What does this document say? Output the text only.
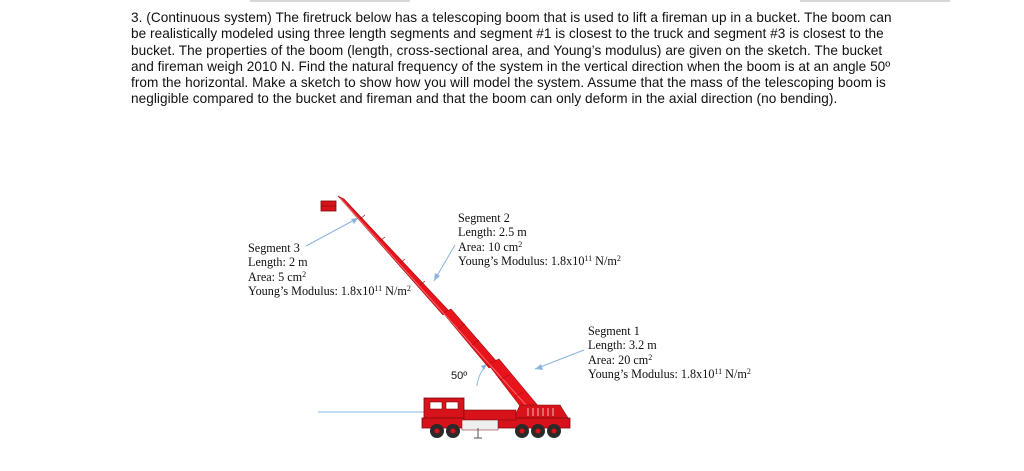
3. (Continuous system) The firetruck below has a telescoping boom that is used to lift a fireman up in a bucket. The boom can be realistically modeled using three length segments and segment #1 is closest to the truck and segment #3 is closest to the bucket. The properties of the boom (length, cross-sectional area, and Young’s modulus) are given on the sketch. The bucket and fireman weigh 2010 N. Find the natural frequency of the system in the vertical direction when the boom is at an angle 50º from the horizontal. Make a sketch to show how you will model the system. Assume that the mass of the telescoping boom is negligible compared to the bucket and fireman and that the boom can only deform in the axial direction (no bending).
Segment 3
Length: 2 m
Area: 5 $cm^2$
Young’s Modulus: $1.8x10^{11}$ $N/m^2$
Segment 2
Length: 2.5 m
Area: 10 $cm^2$
Young’s Modulus: $1.8x10^{11}$ $N/m^2$
Segment 1
Length: 3.2 m
Area: 20 $cm^2$
Young’s Modulus: $1.8x10^{11}$ $N/m^2$
50º
